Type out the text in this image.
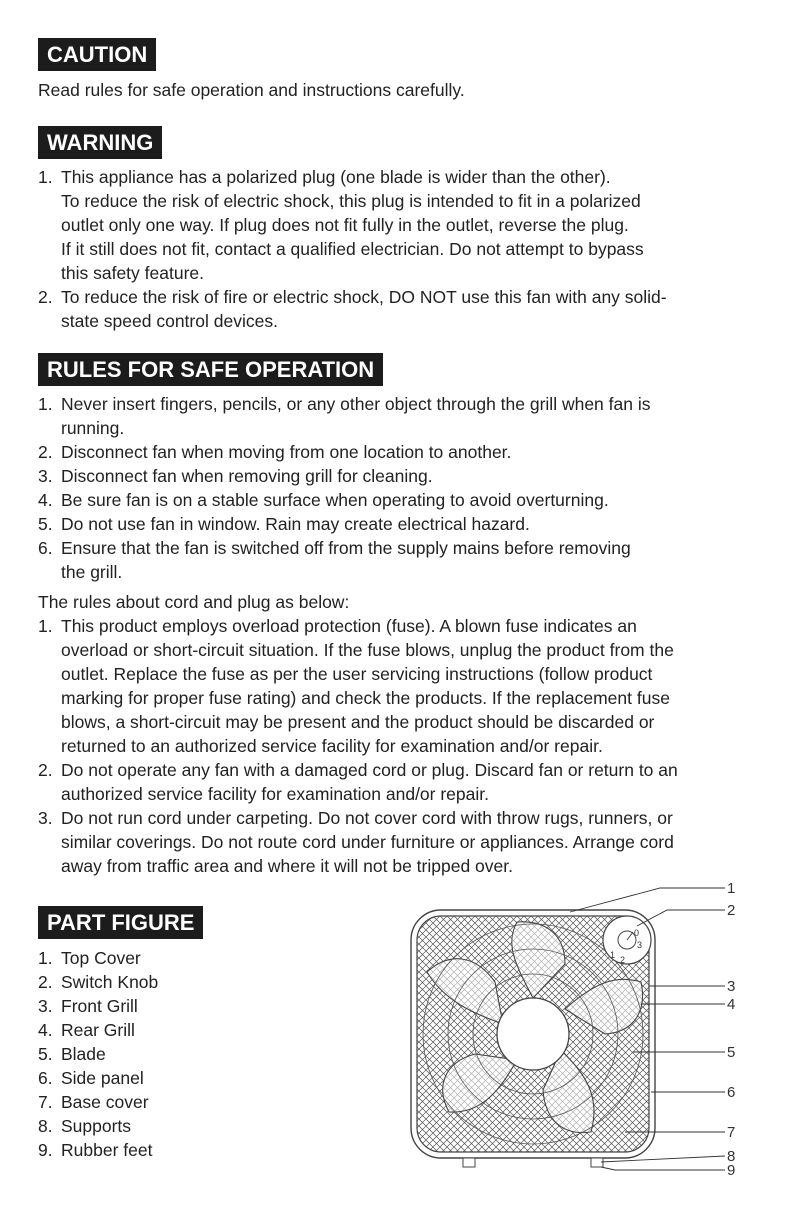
CAUTION
Read rules for safe operation and instructions carefully.
WARNING
1. This appliance has a polarized plug (one blade is wider than the other).
To reduce the risk of electric shock, this plug is intended to fit in a polarized
outlet only one way. If plug does not fit fully in the outlet, reverse the plug.
If it still does not fit, contact a qualified electrician. Do not attempt to bypass
this safety feature.
2. To reduce the risk of fire or electric shock, DO NOT use this fan with any solid-
state speed control devices.
RULES FOR SAFE OPERATION
1. Never insert fingers, pencils, or any other object through the grill when fan is
running.
2. Disconnect fan when moving from one location to another.
3. Disconnect fan when removing grill for cleaning.
4. Be sure fan is on a stable surface when operating to avoid overturning.
5. Do not use fan in window. Rain may create electrical hazard.
6. Ensure that the fan is switched off from the supply mains before removing
the grill.
The rules about cord and plug as below:
1. This product employs overload protection (fuse). A blown fuse indicates an
overload or short-circuit situation. If the fuse blows, unplug the product from the
outlet. Replace the fuse as per the user servicing instructions (follow product
marking for proper fuse rating) and check the products. If the replacement fuse
blows, a short-circuit may be present and the product should be discarded or
returned to an authorized service facility for examination and/or repair.
2. Do not operate any fan with a damaged cord or plug. Discard fan or return to an
authorized service facility for examination and/or repair.
3. Do not run cord under carpeting. Do not cover cord with throw rugs, runners, or
similar coverings. Do not route cord under furniture or appliances. Arrange cord
away from traffic area and where it will not be tripped over.
PART FIGURE
1. Top Cover
2. Switch Knob
3. Front Grill
4. Rear Grill
5. Blade
6. Side panel
7. Base cover
8. Supports
9. Rubber feet
0
1 2
3
1
2
3
4
5
6
7
8
9
